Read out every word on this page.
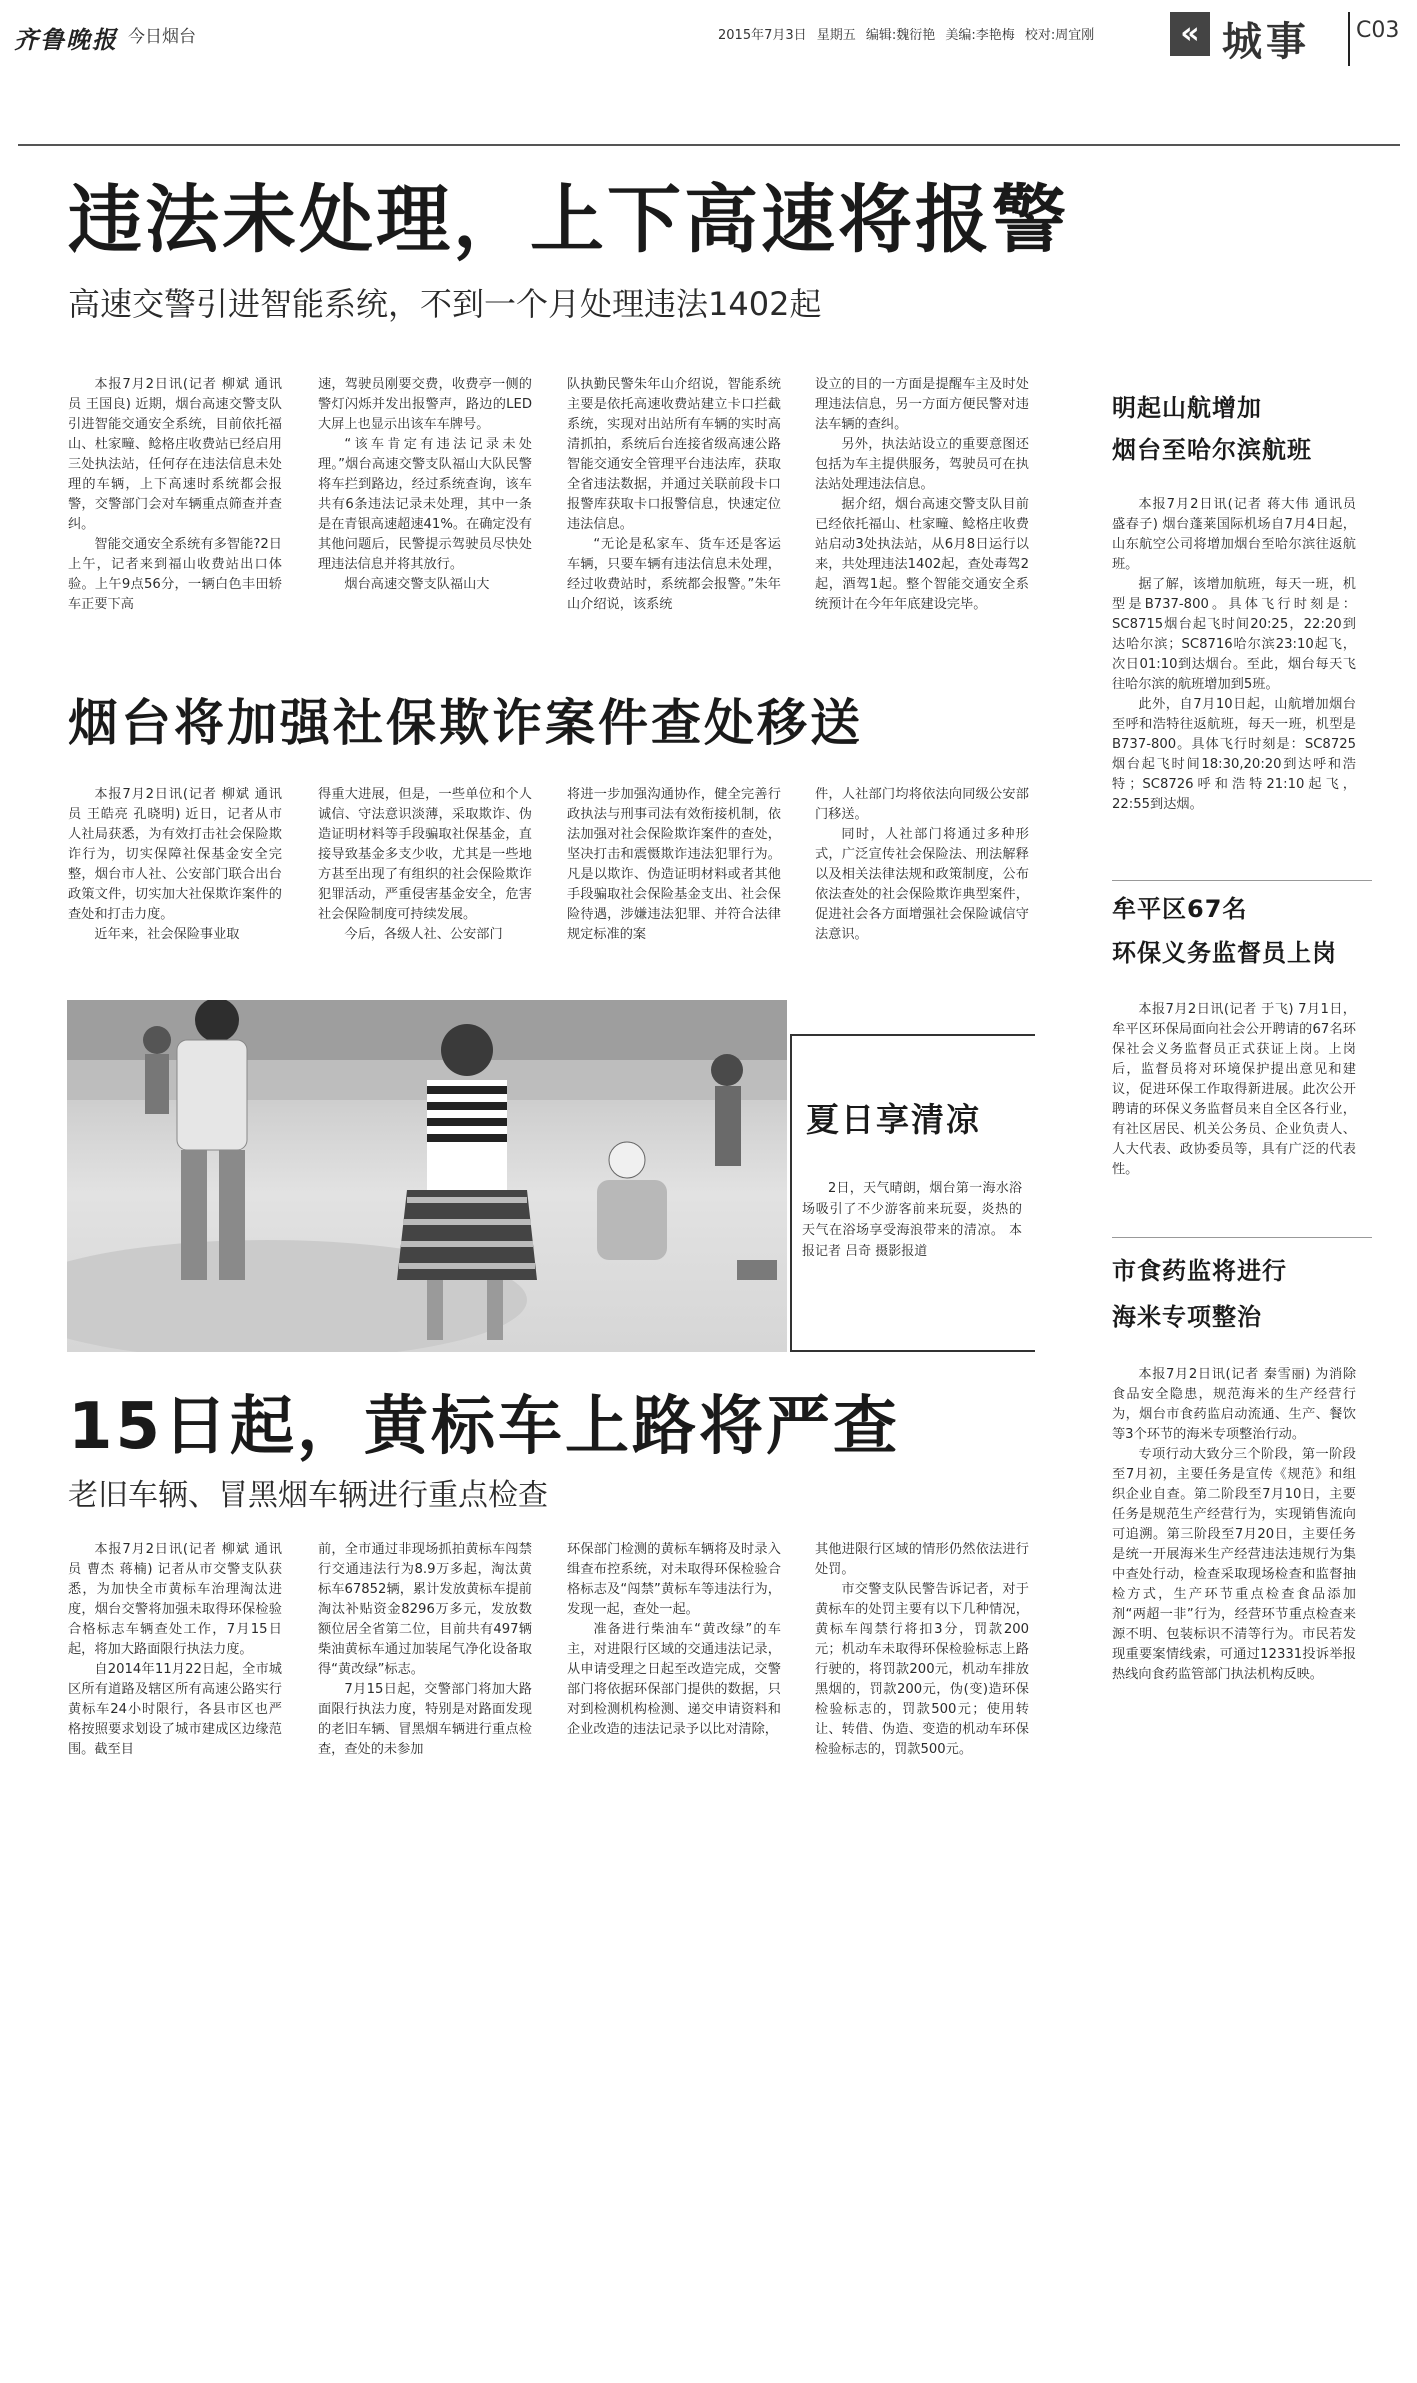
齐鲁晚报 今日烟台	2015年7月3日 星期五 编辑:魏衍艳 美编:李艳梅 校对:周宜刚	« 城事 C03
违法未处理，上下高速将报警
高速交警引进智能系统，不到一个月处理违法1402起

本报7月2日讯(记者 柳斌 通讯员 王国良) 近期，烟台高速交警支队引进智能交通安全系统，目前依托福山、杜家疃、鲶格庄收费站已经启用三处执法站，任何存在违法信息未处理的车辆，上下高速时系统都会报警，交警部门会对车辆重点筛查并查纠。

智能交通安全系统有多智能?2日上午，记者来到福山收费站出口体验。上午9点56分，一辆白色丰田轿车正要下高

速，驾驶员刚要交费，收费亭一侧的警灯闪烁并发出报警声，路边的LED大屏上也显示出该车车牌号。

“该车肯定有违法记录未处理。”烟台高速交警支队福山大队民警将车拦到路边，经过系统查询，该车共有6条违法记录未处理，其中一条是在青银高速超速41%。在确定没有其他问题后，民警提示驾驶员尽快处理违法信息并将其放行。

烟台高速交警支队福山大

队执勤民警朱年山介绍说，智能系统主要是依托高速收费站建立卡口拦截系统，实现对出站所有车辆的实时高清抓拍，系统后台连接省级高速公路智能交通安全管理平台违法库，获取全省违法数据，并通过关联前段卡口报警库获取卡口报警信息，快速定位违法信息。

“无论是私家车、货车还是客运车辆，只要车辆有违法信息未处理，经过收费站时，系统都会报警。”朱年山介绍说，该系统

设立的目的一方面是提醒车主及时处理违法信息，另一方面方便民警对违法车辆的查纠。

另外，执法站设立的重要意图还包括为车主提供服务，驾驶员可在执法站处理违法信息。

据介绍，烟台高速交警支队目前已经依托福山、杜家疃、鲶格庄收费站启动3处执法站，从6月8日运行以来，共处理违法1402起，查处毒驾2起，酒驾1起。整个智能交通安全系统预计在今年年底建设完毕。

烟台将加强社保欺诈案件查处移送

本报7月2日讯(记者 柳斌 通讯员 王皓亮 孔晓明) 近日，记者从市人社局获悉，为有效打击社会保险欺诈行为，切实保障社保基金安全完整，烟台市人社、公安部门联合出台政策文件，切实加大社保欺诈案件的查处和打击力度。

近年来，社会保险事业取

得重大进展，但是，一些单位和个人诚信、守法意识淡薄，采取欺诈、伪造证明材料等手段骗取社保基金，直接导致基金多支少收，尤其是一些地方甚至出现了有组织的社会保险欺诈犯罪活动，严重侵害基金安全，危害社会保险制度可持续发展。

今后，各级人社、公安部门

将进一步加强沟通协作，健全完善行政执法与刑事司法有效衔接机制，依法加强对社会保险欺诈案件的查处，坚决打击和震慑欺诈违法犯罪行为。凡是以欺诈、伪造证明材料或者其他手段骗取社会保险基金支出、社会保险待遇，涉嫌违法犯罪、并符合法律规定标准的案

件，人社部门均将依法向同级公安部门移送。

同时，人社部门将通过多种形式，广泛宣传社会保险法、刑法解释以及相关法律法规和政策制度，公布依法查处的社会保险欺诈典型案件，促进社会各方面增强社会保险诚信守法意识。

夏日享清凉

2日，天气晴朗，烟台第一海水浴场吸引了不少游客前来玩耍，炎热的天气在浴场享受海浪带来的清凉。 本报记者 吕奇 摄影报道

15日起，黄标车上路将严查
老旧车辆、冒黑烟车辆进行重点检查

本报7月2日讯(记者 柳斌 通讯员 曹杰 蒋楠) 记者从市交警支队获悉，为加快全市黄标车治理淘汰进度，烟台交警将加强未取得环保检验合格标志车辆查处工作，7月15日起，将加大路面限行执法力度。

自2014年11月22日起，全市城区所有道路及辖区所有高速公路实行黄标车24小时限行，各县市区也严格按照要求划设了城市建成区边缘范围。截至目

前，全市通过非现场抓拍黄标车闯禁行交通违法行为8.9万多起，淘汰黄标车67852辆，累计发放黄标车提前淘汰补贴资金8296万多元，发放数额位居全省第二位，目前共有497辆柴油黄标车通过加装尾气净化设备取得“黄改绿”标志。

7月15日起，交警部门将加大路面限行执法力度，特别是对路面发现的老旧车辆、冒黑烟车辆进行重点检查，查处的未参加

环保部门检测的黄标车辆将及时录入缉查布控系统，对未取得环保检验合格标志及“闯禁”黄标车等违法行为，发现一起，查处一起。

准备进行柴油车“黄改绿”的车主，对进限行区域的交通违法记录，从申请受理之日起至改造完成，交警部门将依据环保部门提供的数据，只对到检测机构检测、递交申请资料和企业改造的违法记录予以比对清除，

其他进限行区域的情形仍然依法进行处罚。

市交警支队民警告诉记者，对于黄标车的处罚主要有以下几种情况，黄标车闯禁行将扣3分，罚款200元；机动车未取得环保检验标志上路行驶的，将罚款200元，机动车排放黑烟的，罚款200元，伪(变)造环保检验标志的，罚款500元；使用转让、转借、伪造、变造的机动车环保检验标志的，罚款500元。

明起山航增加
烟台至哈尔滨航班

本报7月2日讯(记者 蒋大伟 通讯员 盛春子) 烟台蓬莱国际机场自7月4日起，山东航空公司将增加烟台至哈尔滨往返航班。

据了解，该增加航班，每天一班，机型是B737-800。具体飞行时刻是：SC8715烟台起飞时间20:25，22:20到达哈尔滨；SC8716哈尔滨23:10起飞，次日01:10到达烟台。至此，烟台每天飞往哈尔滨的航班增加到5班。

此外，自7月10日起，山航增加烟台至呼和浩特往返航班，每天一班，机型是B737-800。具体飞行时刻是：SC8725烟台起飞时间18:30,20:20到达呼和浩特；SC8726呼和浩特21:10起飞，22:55到达烟。

牟平区67名
环保义务监督员上岗

本报7月2日讯(记者 于飞) 7月1日，牟平区环保局面向社会公开聘请的67名环保社会义务监督员正式获证上岗。上岗后，监督员将对环境保护提出意见和建议，促进环保工作取得新进展。此次公开聘请的环保义务监督员来自全区各行业，有社区居民、机关公务员、企业负责人、人大代表、政协委员等，具有广泛的代表性。

市食药监将进行
海米专项整治

本报7月2日讯(记者 秦雪丽) 为消除食品安全隐患，规范海米的生产经营行为，烟台市食药监启动流通、生产、餐饮等3个环节的海米专项整治行动。

专项行动大致分三个阶段，第一阶段至7月初，主要任务是宣传《规范》和组织企业自查。第二阶段至7月10日，主要任务是规范生产经营行为，实现销售流向可追溯。第三阶段至7月20日，主要任务是统一开展海米生产经营违法违规行为集中查处行动，检查采取现场检查和监督抽检方式，生产环节重点检查食品添加剂“两超一非”行为，经营环节重点检查来源不明、包装标识不清等行为。市民若发现重要案情线索，可通过12331投诉举报热线向食药监管部门执法机构反映。
